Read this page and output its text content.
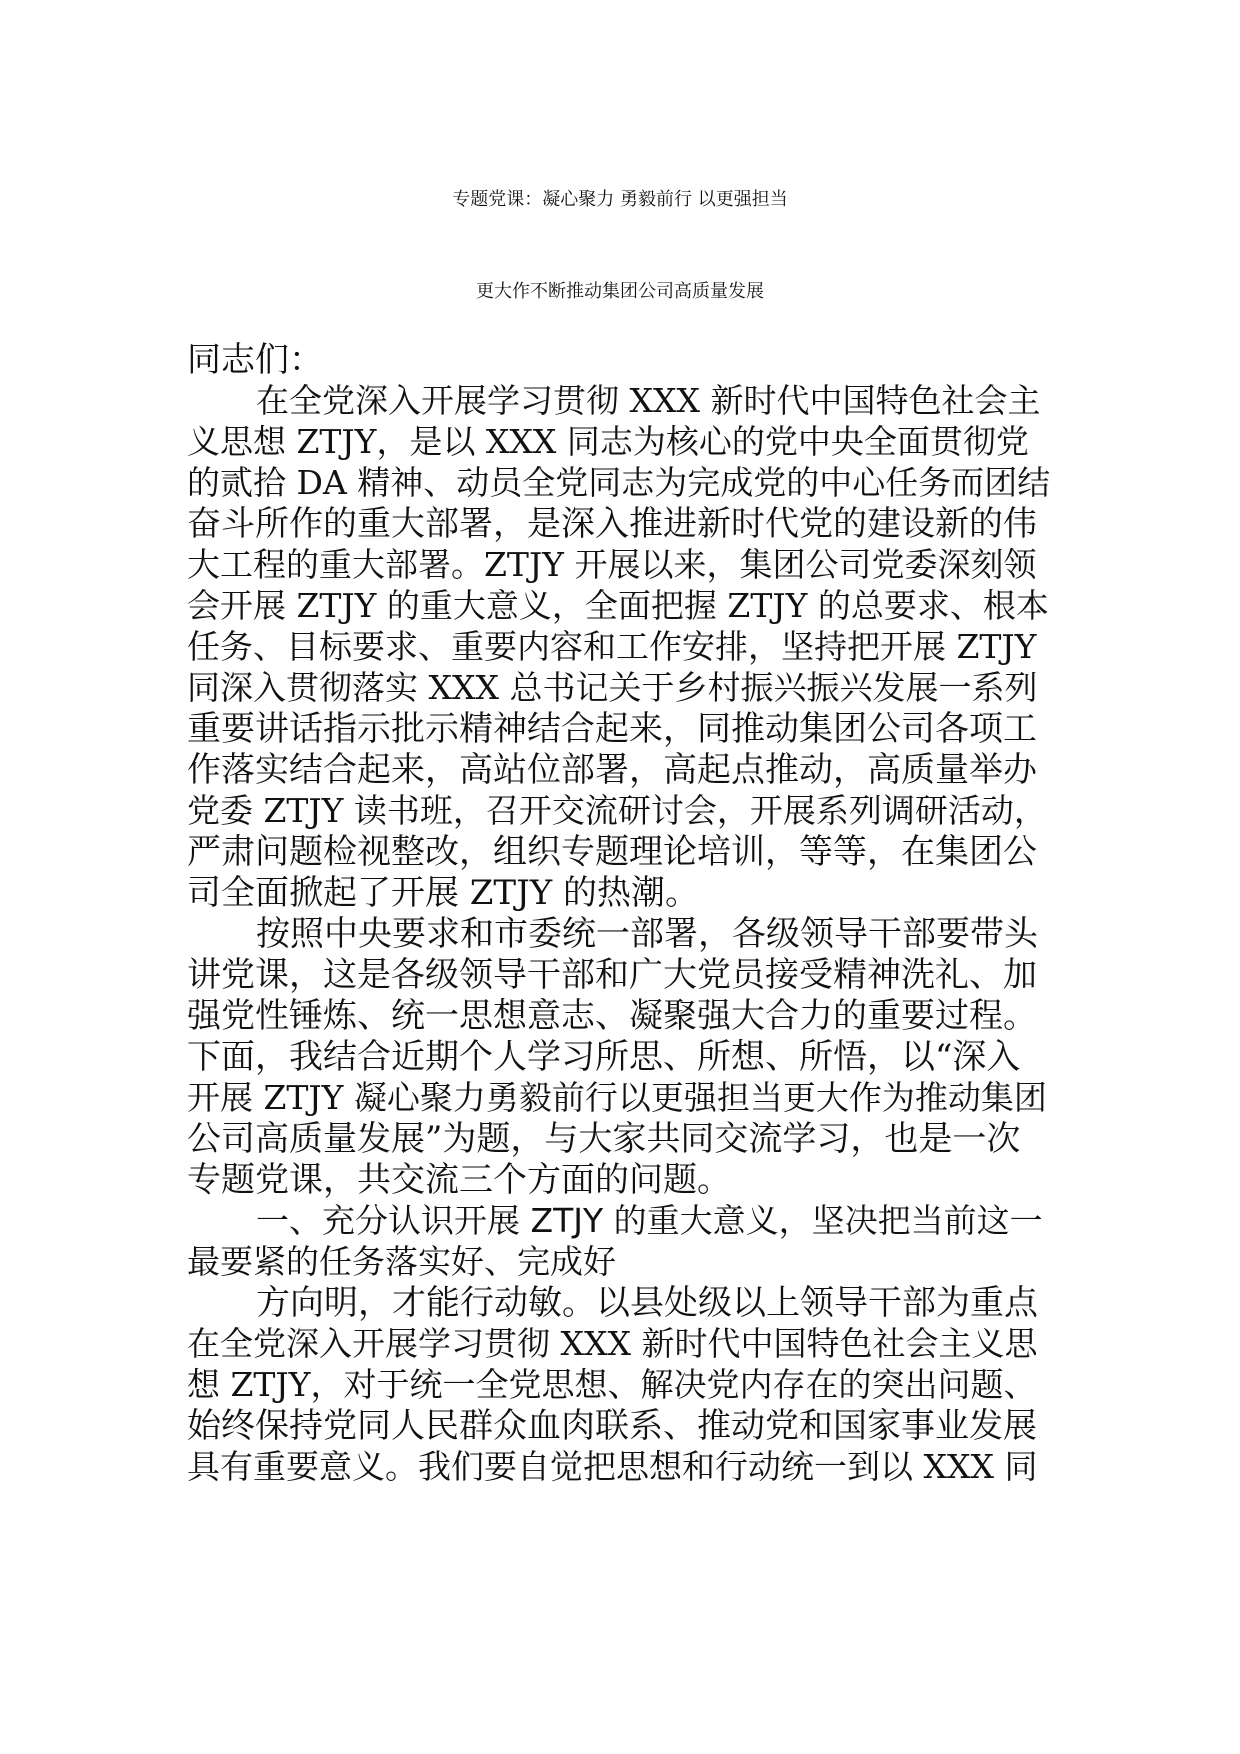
专题党课：凝心聚力 勇毅前行 以更强担当
更大作不断推动集团公司高质量发展
同志们：
在全党深入开展学习贯彻 XXX 新时代中国特色社会主
义思想 ZTJY，是以 XXX 同志为核心的党中央全面贯彻党
的贰拾 DA 精神、动员全党同志为完成党的中心任务而团结
奋斗所作的重大部署，是深入推进新时代党的建设新的伟
大工程的重大部署。ZTJY 开展以来，集团公司党委深刻领
会开展 ZTJY 的重大意义，全面把握 ZTJY 的总要求、根本
任务、目标要求、重要内容和工作安排，坚持把开展 ZTJY
同深入贯彻落实 XXX 总书记关于乡村振兴振兴发展一系列
重要讲话指示批示精神结合起来，同推动集团公司各项工
作落实结合起来，高站位部署，高起点推动，高质量举办
党委 ZTJY 读书班，召开交流研讨会，开展系列调研活动，
严肃问题检视整改，组织专题理论培训，等等，在集团公
司全面掀起了开展 ZTJY 的热潮。
按照中央要求和市委统一部署，各级领导干部要带头
讲党课，这是各级领导干部和广大党员接受精神洗礼、加
强党性锤炼、统一思想意志、凝聚强大合力的重要过程。
下面，我结合近期个人学习所思、所想、所悟，以“深入
开展 ZTJY 凝心聚力勇毅前行以更强担当更大作为推动集团
公司高质量发展”为题，与大家共同交流学习，也是一次
专题党课，共交流三个方面的问题。
一、充分认识开展 ZTJY 的重大意义，坚决把当前这一
最要紧的任务落实好、完成好
方向明，才能行动敏。以县处级以上领导干部为重点
在全党深入开展学习贯彻 XXX 新时代中国特色社会主义思
想 ZTJY，对于统一全党思想、解决党内存在的突出问题、
始终保持党同人民群众血肉联系、推动党和国家事业发展
具有重要意义。我们要自觉把思想和行动统一到以 XXX 同
